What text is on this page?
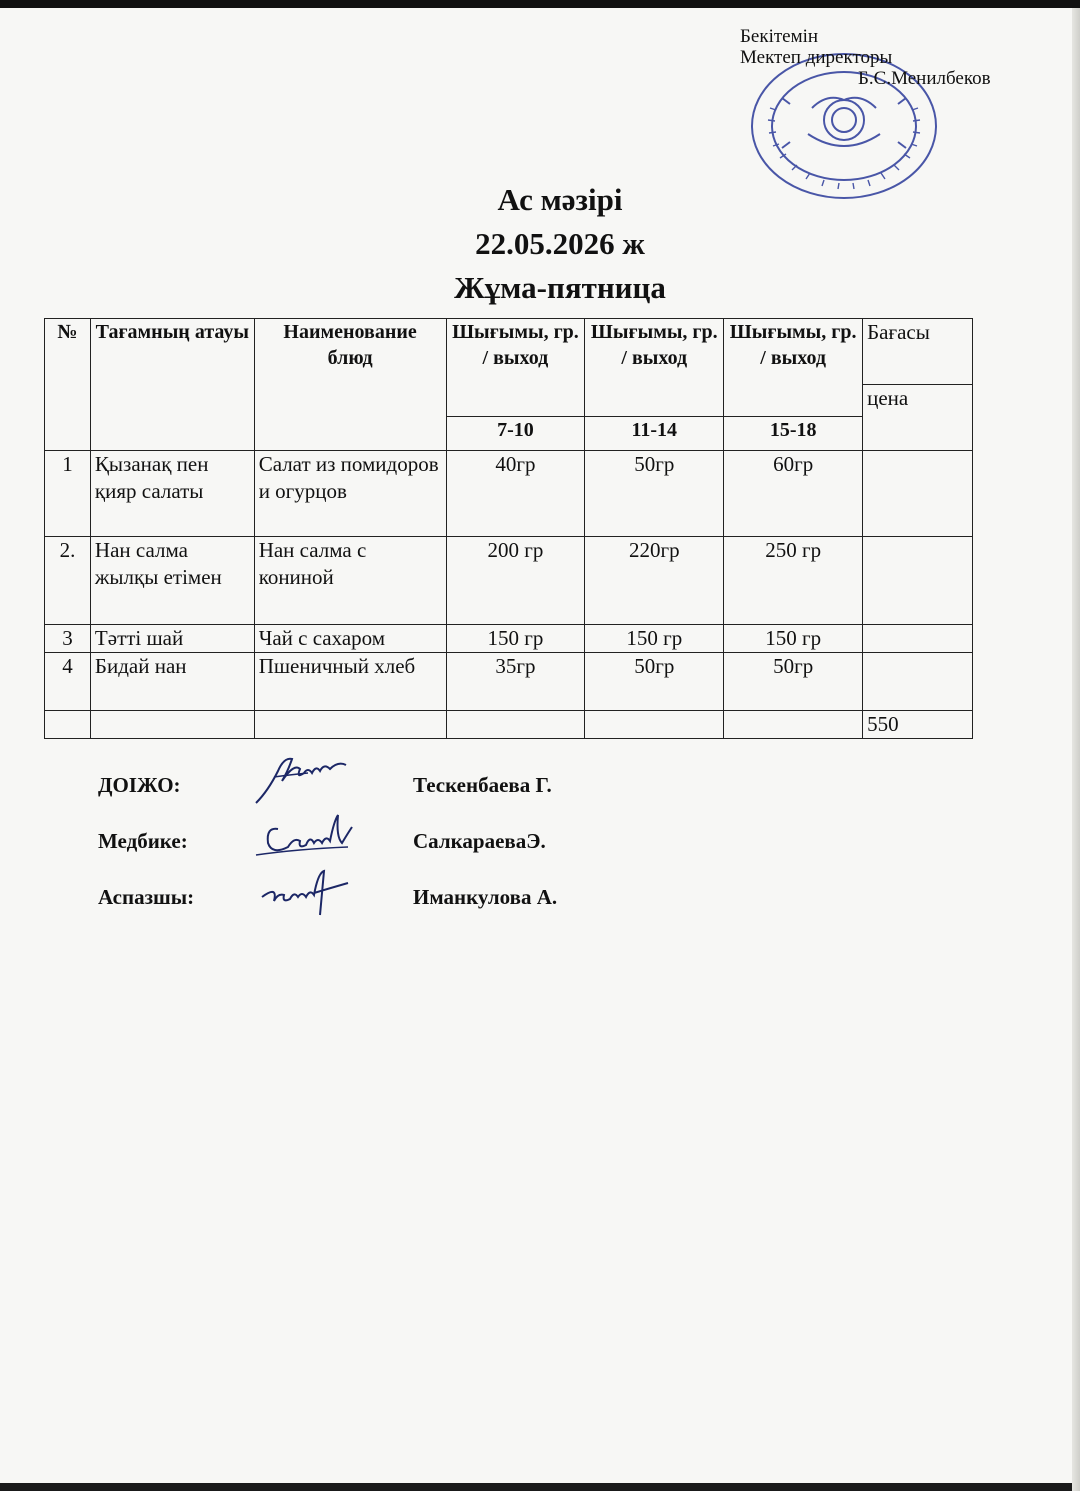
Бекітемін
Мектеп директоры
Б.С.Менилбеков
Ас мәзірі
22.05.2026 ж
Жұма-пятница
№	Тағамның атауы	Наименование блюд	Шығымы, гр. / выход	Шығымы, гр. / выход	Шығымы, гр. / выход	Бағасы
						цена
			7-10	11-14	15-18	
1	Қызанақ пен қияр салаты	Салат из помидоров и огурцов	40гр	50гр	60гр	
2.	Нан салма жылқы етімен	Нан салма с кониной	200 гр	220гр	250 гр	
3	Тәтті шай	Чай с сахаром	150 гр	150 гр	150 гр	
4	Бидай нан	Пшеничный хлеб	35гр	50гр	50гр	
						550
ДОІЖО:	Тескенбаева Г.
Медбике:	СалкараеваЭ.
Аспазшы:	Иманкулова А.
